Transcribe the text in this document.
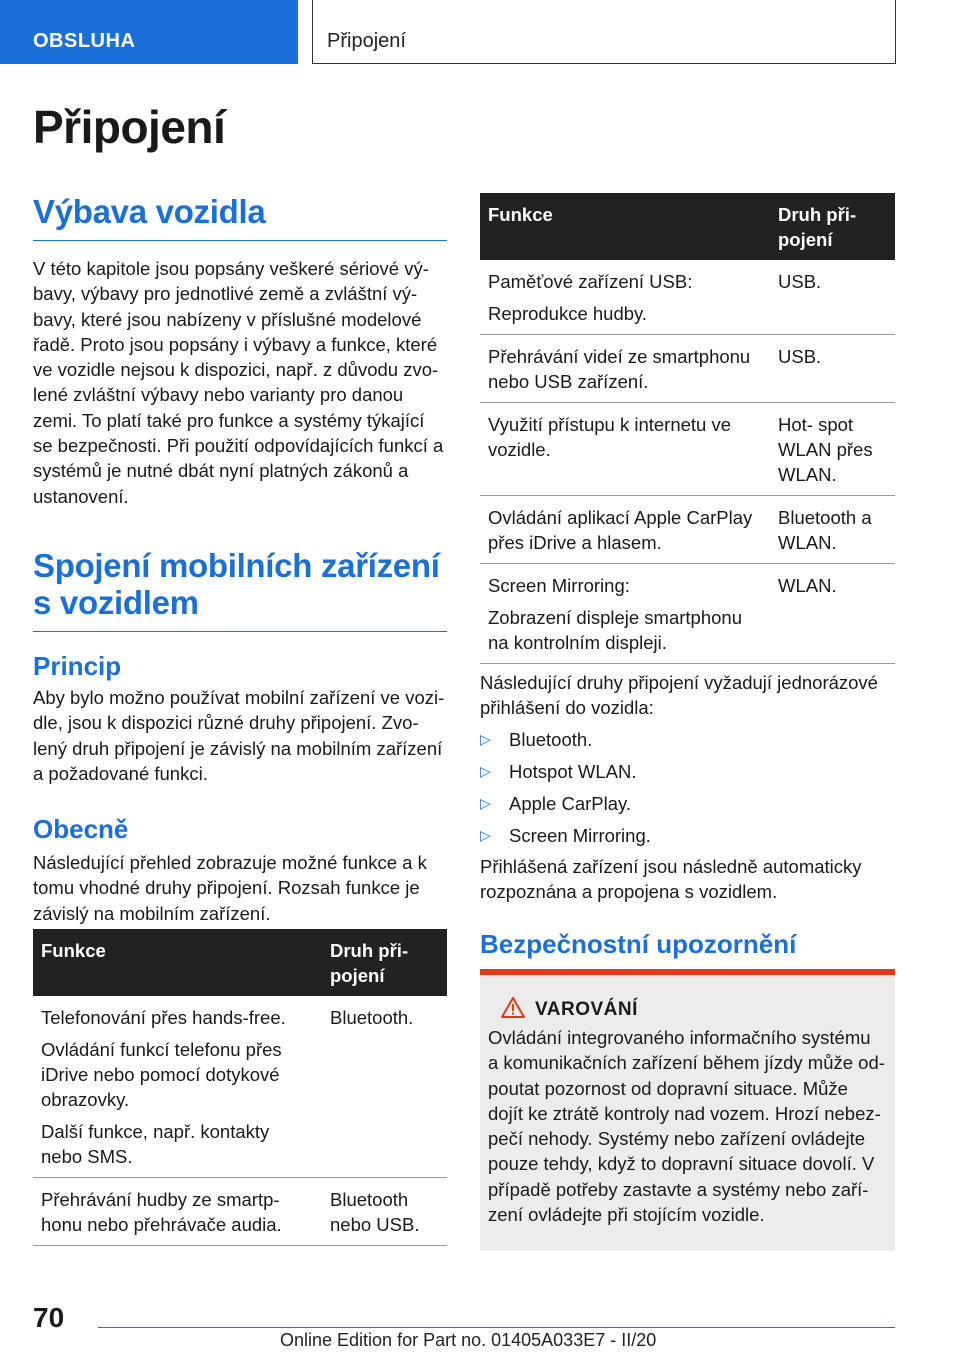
OBSLUHA	Připojení
Připojení
Výbava vozidla

V této kapitole jsou popsány veškeré sériové vý-
bavy, výbavy pro jednotlivé země a zvláštní vý-
bavy, které jsou nabízeny v příslušné modelové
řadě. Proto jsou popsány i výbavy a funkce, které
ve vozidle nejsou k dispozici, např. z důvodu zvo-
lené zvláštní výbavy nebo varianty pro danou
zemi. To platí také pro funkce a systémy týkající
se bezpečnosti. Při použití odpovídajících funkcí a
systémů je nutné dbát nyní platných zákonů a
ustanovení.

Spojení mobilních zařízení
s vozidlem
Princip

Aby bylo možno používat mobilní zařízení ve vozi-
dle, jsou k dispozici různé druhy připojení. Zvo-
lený druh připojení je závislý na mobilním zařízení
a požadované funkci.

Obecně

Následující přehled zobrazuje možné funkce a k
tomu vhodné druhy připojení. Rozsah funkce je
závislý na mobilním zařízení.

Funkce	Druh při-
pojení

Telefonování přes hands-free.
Ovládání funkcí telefonu přes iDrive nebo pomocí dotykové obrazovky.
Další funkce, např. kontakty nebo SMS.	Bluetooth.

Přehrávání hudby ze smartp- honu nebo přehrávače audia.	Bluetooth nebo USB.
Funkce	Druh při-
pojení

Paměťové zařízení USB:
Reprodukce hudby.	USB.

Přehrávání videí ze smartphonu nebo USB zařízení.	USB.

Využití přístupu k internetu ve vozidle.	Hot- spot WLAN přes WLAN.

Ovládání aplikací Apple CarPlay přes iDrive a hlasem.	Bluetooth a WLAN.

Screen Mirroring:
Zobrazení displeje smartphonu na kontrolním displeji.	WLAN.

Následující druhy připojení vyžadují jednorázové
přihlášení do vozidla:

▷ Bluetooth.
▷ Hotspot WLAN.
▷ Apple CarPlay.
▷ Screen Mirroring.

Přihlášená zařízení jsou následně automaticky
rozpoznána a propojena s vozidlem.

Bezpečnostní upozornění
VAROVÁNÍ

Ovládání integrovaného informačního systému
a komunikačních zařízení během jízdy může od-
poutat pozornost od dopravní situace. Může
dojít ke ztrátě kontroly nad vozem. Hrozí nebez-
pečí nehody. Systémy nebo zařízení ovládejte
pouze tehdy, když to dopravní situace dovolí. V
případě potřeby zastavte a systémy nebo zaří-
zení ovládejte při stojícím vozidle.

70
Online Edition for Part no. 01405A033E7 - II/20
